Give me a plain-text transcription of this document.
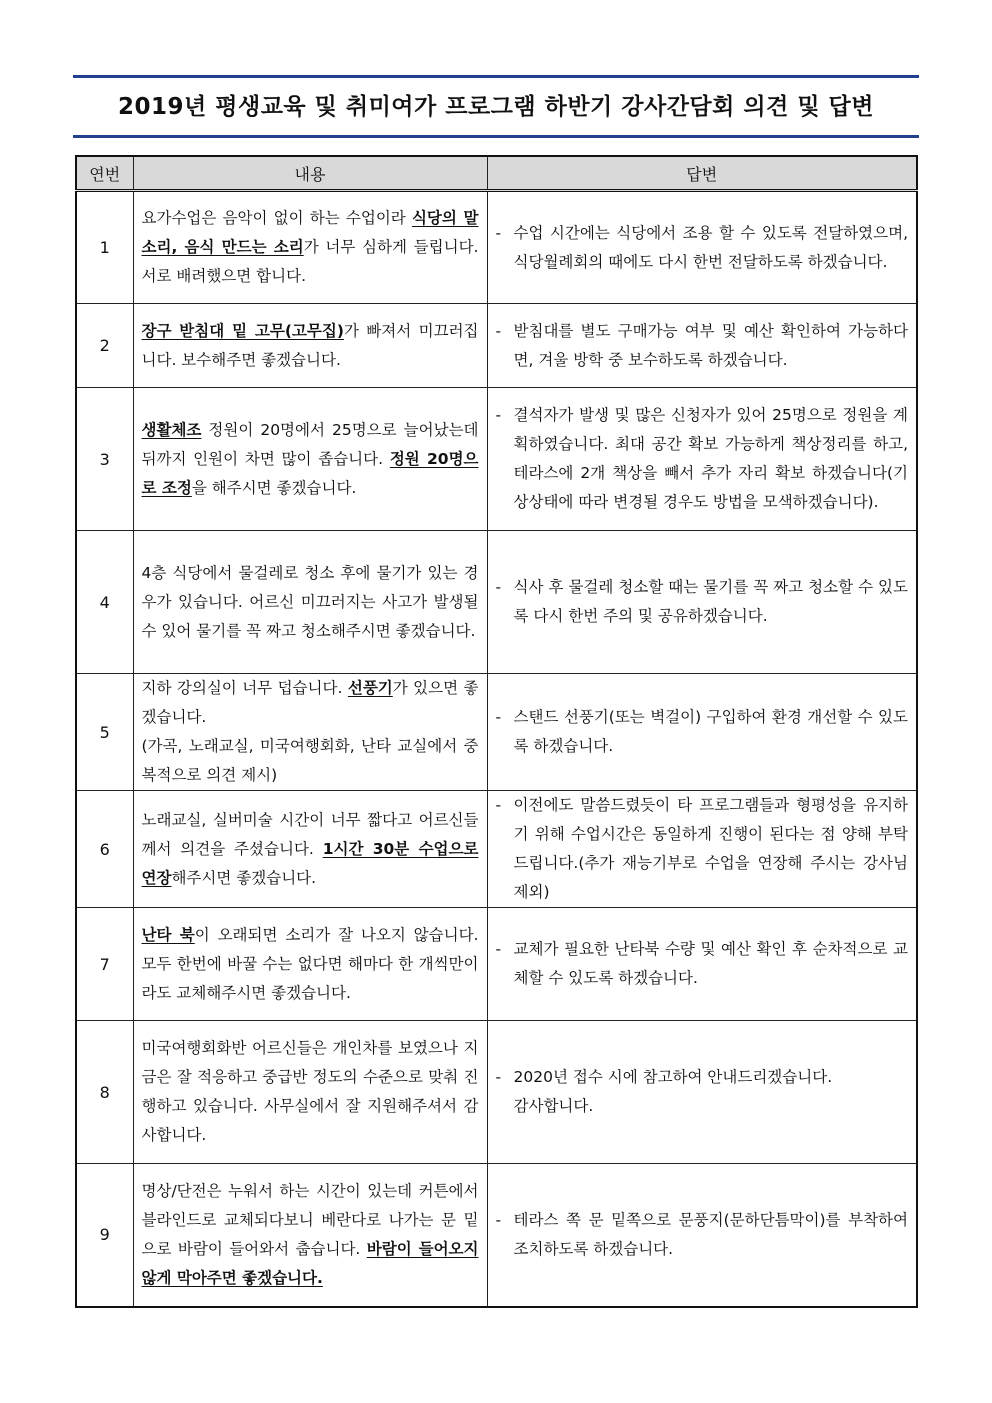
2019년 평생교육 및 취미여가 프로그램 하반기 강사간담회 의견 및 답변
연번	내용	답변
1	요가수업은 음악이 없이 하는 수업이라 식당의 말소리, 음식 만드는 소리가 너무 심하게 들립니다. 서로 배려했으면 합니다.	- 수업 시간에는 식당에서 조용 할 수 있도록 전달하였으며, 식당월례회의 때에도 다시 한번 전달하도록 하겠습니다.

2	장구 받침대 밑 고무(고무집)가 빠져서 미끄러집니다. 보수해주면 좋겠습니다.	- 받침대를 별도 구매가능 여부 및 예산 확인하여 가능하다면, 겨울 방학 중 보수하도록 하겠습니다.

3	생활체조 정원이 20명에서 25명으로 늘어났는데 뒤까지 인원이 차면 많이 좁습니다. 정원 20명으로 조정을 해주시면 좋겠습니다.	- 결석자가 발생 및 많은 신청자가 있어 25명으로 정원을 계획하였습니다. 최대 공간 확보 가능하게 책상정리를 하고, 테라스에 2개 책상을 빼서 추가 자리 확보 하겠습니다(기상상태에 따라 변경될 경우도 방법을 모색하겠습니다).

4	4층 식당에서 물걸레로 청소 후에 물기가 있는 경우가 있습니다. 어르신 미끄러지는 사고가 발생될 수 있어 물기를 꼭 짜고 청소해주시면 좋겠습니다.	- 식사 후 물걸레 청소할 때는 물기를 꼭 짜고 청소할 수 있도록 다시 한번 주의 및 공유하겠습니다.

5	지하 강의실이 너무 덥습니다. 선풍기가 있으면 좋겠습니다.
(가곡, 노래교실, 미국여행회화, 난타 교실에서 중복적으로 의견 제시)	- 스탠드 선풍기(또는 벽걸이) 구입하여 환경 개선할 수 있도록 하겠습니다.

6	노래교실, 실버미술 시간이 너무 짧다고 어르신들께서 의견을 주셨습니다. 1시간 30분 수업으로 연장해주시면 좋겠습니다.	- 이전에도 말씀드렸듯이 타 프로그램들과 형평성을 유지하기 위해 수업시간은 동일하게 진행이 된다는 점 양해 부탁드립니다.(추가 재능기부로 수업을 연장해 주시는 강사님 제외)

7	난타 북이 오래되면 소리가 잘 나오지 않습니다. 모두 한번에 바꿀 수는 없다면 해마다 한 개씩만이라도 교체해주시면 좋겠습니다.	- 교체가 필요한 난타북 수량 및 예산 확인 후 순차적으로 교체할 수 있도록 하겠습니다.

8	미국여행회화반 어르신들은 개인차를 보였으나 지금은 잘 적응하고 중급반 정도의 수준으로 맞춰 진행하고 있습니다. 사무실에서 잘 지원해주셔서 감사합니다.	- 2020년 접수 시에 참고하여 안내드리겠습니다.
감사합니다.

9	명상/단전은 누워서 하는 시간이 있는데 커튼에서 블라인드로 교체되다보니 베란다로 나가는 문 밑으로 바람이 들어와서 춥습니다. 바람이 들어오지 않게 막아주면 좋겠습니다.	- 테라스 쪽 문 밑쪽으로 문풍지(문하단틈막이)를 부착하여 조치하도록 하겠습니다.
